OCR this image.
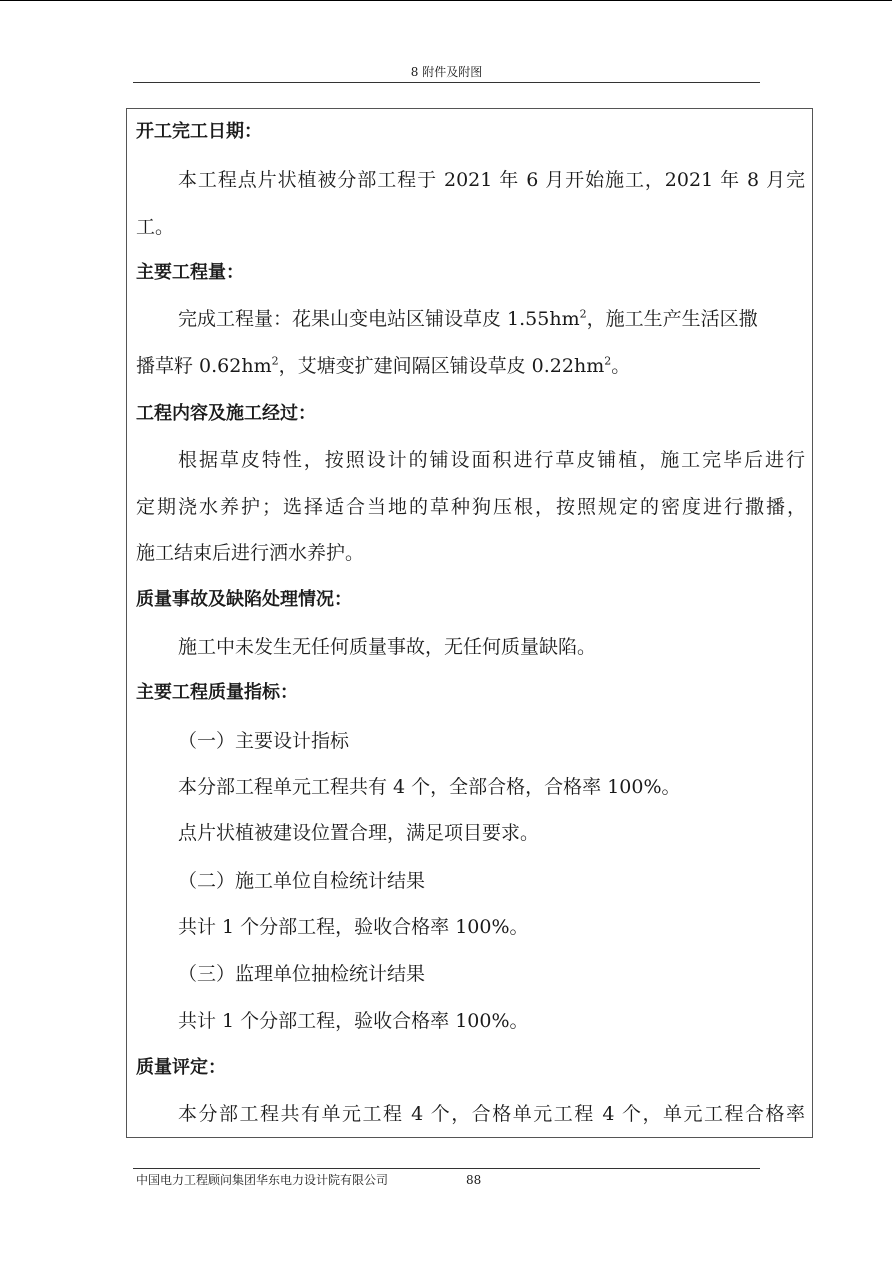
8 附件及附图
开工完工日期：
本工程点片状植被分部工程于 2021 年 6 月开始施工，2021 年 8 月完
工。
主要工程量：
完成工程量：花果山变电站区铺设草皮 $1.55hm^2$，施工生产生活区撒
播草籽 $0.62hm^2$，艾塘变扩建间隔区铺设草皮 $0.22hm^2$。
工程内容及施工经过：
根据草皮特性，按照设计的铺设面积进行草皮铺植，施工完毕后进行
定期浇水养护；选择适合当地的草种狗压根，按照规定的密度进行撒播，
施工结束后进行洒水养护。
质量事故及缺陷处理情况：
施工中未发生无任何质量事故，无任何质量缺陷。
主要工程质量指标：
（一）主要设计指标
本分部工程单元工程共有 4 个，全部合格，合格率 100%。
点片状植被建设位置合理，满足项目要求。
（二）施工单位自检统计结果
共计 1 个分部工程，验收合格率 100%。
（三）监理单位抽检统计结果
共计 1 个分部工程，验收合格率 100%。
质量评定：
本分部工程共有单元工程 4 个，合格单元工程 4 个，单元工程合格率
中国电力工程顾问集团华东电力设计院有限公司	88
